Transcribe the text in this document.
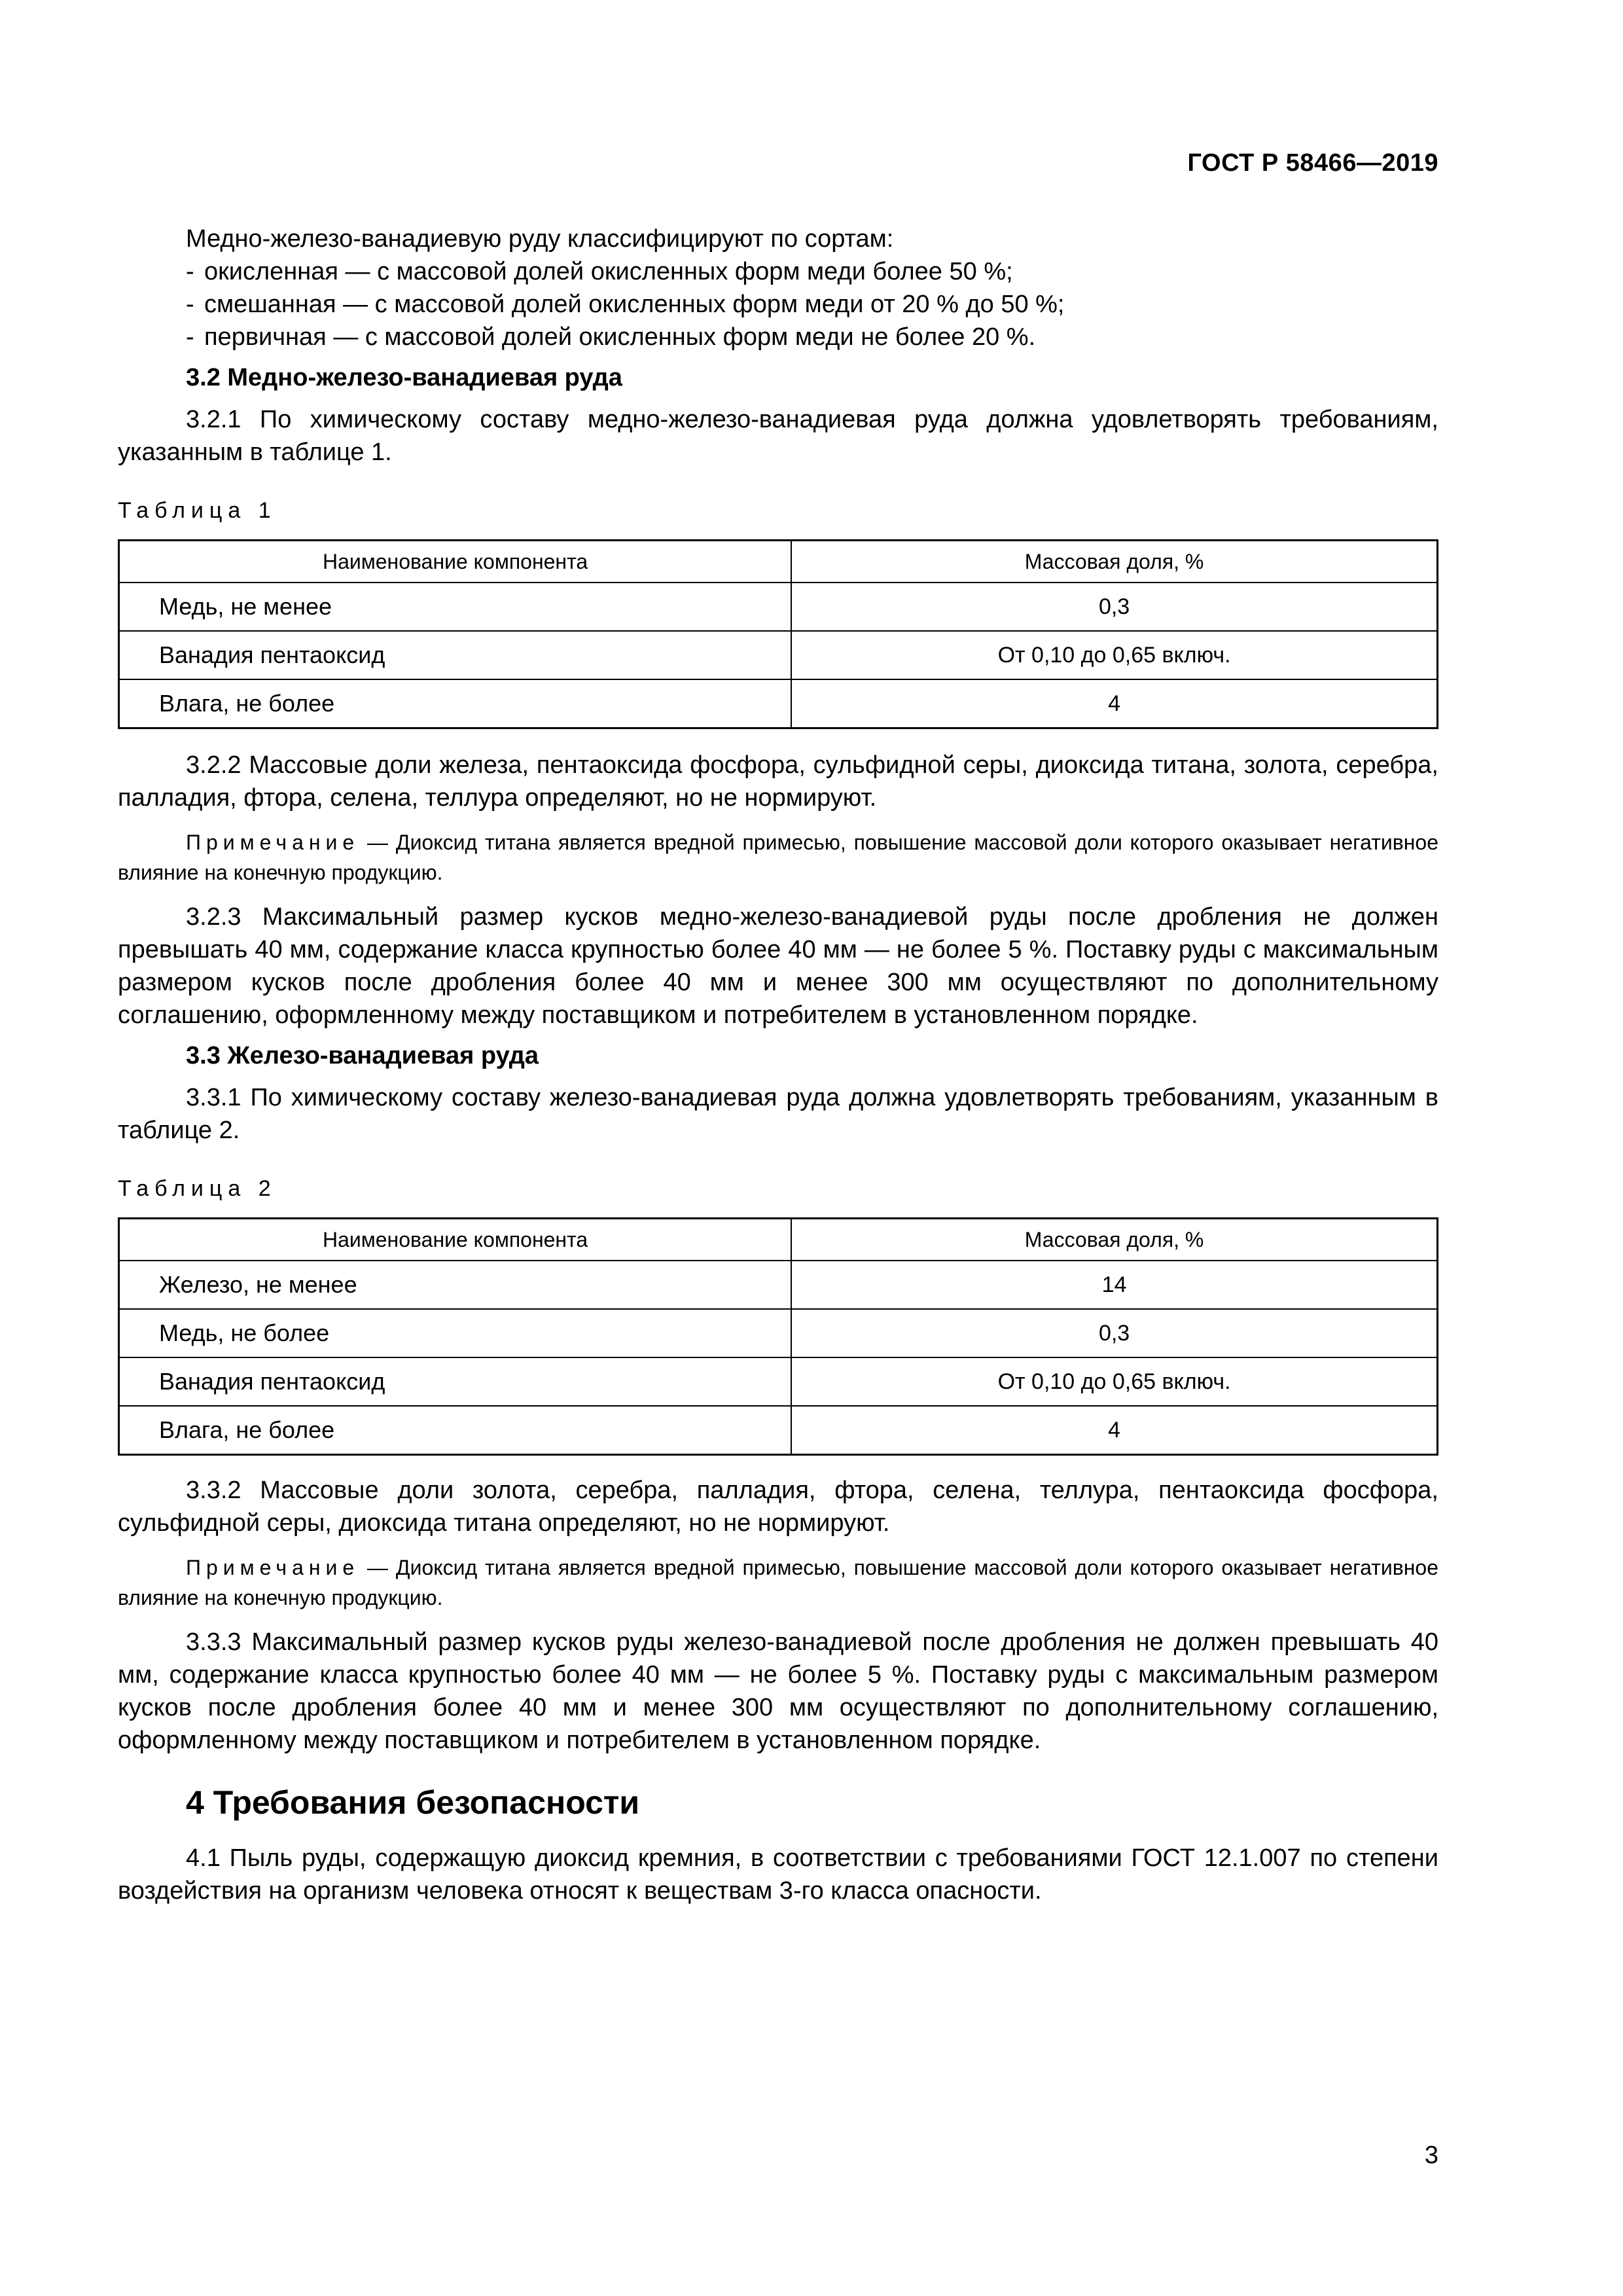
ГОСТ Р 58466—2019

Медно-железо-ванадиевую руду классифицируют по сортам:

- окисленная — с массовой долей окисленных форм меди более 50 %;
- смешанная — с массовой долей окисленных форм меди от 20 % до 50 %;
- первичная — с массовой долей окисленных форм меди не более 20 %.

3.2 Медно-железо-ванадиевая руда

3.2.1 По химическому составу медно-железо-ванадиевая руда должна удовлетворять требованиям, указанным в таблице 1.

Таблица 1

Наименование компонента	Массовая доля, %
Медь, не менее	0,3
Ванадия пентаоксид	От 0,10 до 0,65 включ.
Влага, не более	4

3.2.2 Массовые доли железа, пентаоксида фосфора, сульфидной серы, диоксида титана, золота, серебра, палладия, фтора, селена, теллура определяют, но не нормируют.

Примечание — Диоксид титана является вредной примесью, повышение массовой доли которого оказывает негативное влияние на конечную продукцию.

3.2.3 Максимальный размер кусков медно-железо-ванадиевой руды после дробления не должен превышать 40 мм, содержание класса крупностью более 40 мм — не более 5 %. Поставку руды с максимальным размером кусков после дробления более 40 мм и менее 300 мм осуществляют по дополнительному соглашению, оформленному между поставщиком и потребителем в установленном порядке.

3.3 Железо-ванадиевая руда

3.3.1 По химическому составу железо-ванадиевая руда должна удовлетворять требованиям, указанным в таблице 2.

Таблица 2

Наименование компонента	Массовая доля, %
Железо, не менее	14
Медь, не более	0,3
Ванадия пентаоксид	От 0,10 до 0,65 включ.
Влага, не более	4

3.3.2 Массовые доли золота, серебра, палладия, фтора, селена, теллура, пентаоксида фосфора, сульфидной серы, диоксида титана определяют, но не нормируют.

Примечание — Диоксид титана является вредной примесью, повышение массовой доли которого оказывает негативное влияние на конечную продукцию.

3.3.3 Максимальный размер кусков руды железо-ванадиевой после дробления не должен превышать 40 мм, содержание класса крупностью более 40 мм — не более 5 %. Поставку руды с максимальным размером кусков после дробления более 40 мм и менее 300 мм осуществляют по дополнительному соглашению, оформленному между поставщиком и потребителем в установленном порядке.

4 Требования безопасности

4.1 Пыль руды, содержащую диоксид кремния, в соответствии с требованиями ГОСТ 12.1.007 по степени воздействия на организм человека относят к веществам 3-го класса опасности.

3
